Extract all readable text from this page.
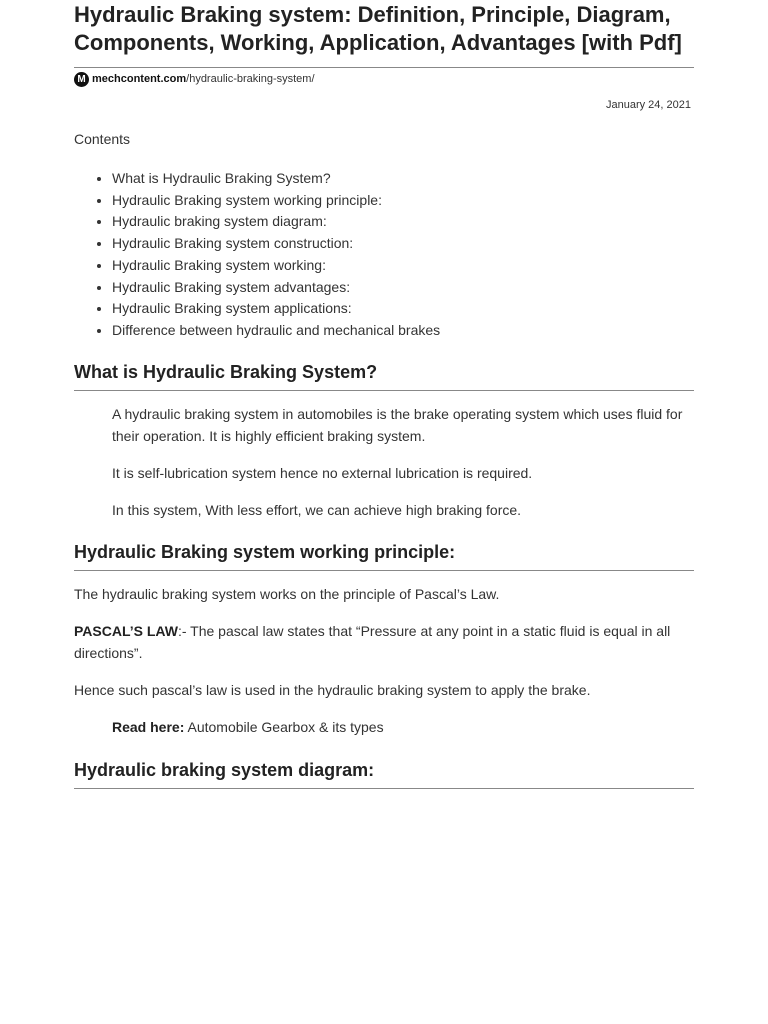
Hydraulic Braking system: Definition, Principle, Diagram, Components, Working, Application, Advantages [with Pdf]
M mechcontent.com/hydraulic-braking-system/
January 24, 2021
Contents
• What is Hydraulic Braking System?
• Hydraulic Braking system working principle:
• Hydraulic braking system diagram:
• Hydraulic Braking system construction:
• Hydraulic Braking system working:
• Hydraulic Braking system advantages:
• Hydraulic Braking system applications:
• Difference between hydraulic and mechanical brakes
What is Hydraulic Braking System?

A hydraulic braking system in automobiles is the brake operating system which uses fluid for their operation. It is highly efficient braking system.

It is self-lubrication system hence no external lubrication is required.

In this system, With less effort, we can achieve high braking force.

Hydraulic Braking system working principle:

The hydraulic braking system works on the principle of Pascal’s Law.

PASCAL’S LAW:- The pascal law states that “Pressure at any point in a static fluid is equal in all directions”.

Hence such pascal’s law is used in the hydraulic braking system to apply the brake.

Read here: Automobile Gearbox & its types

Hydraulic braking system diagram:
